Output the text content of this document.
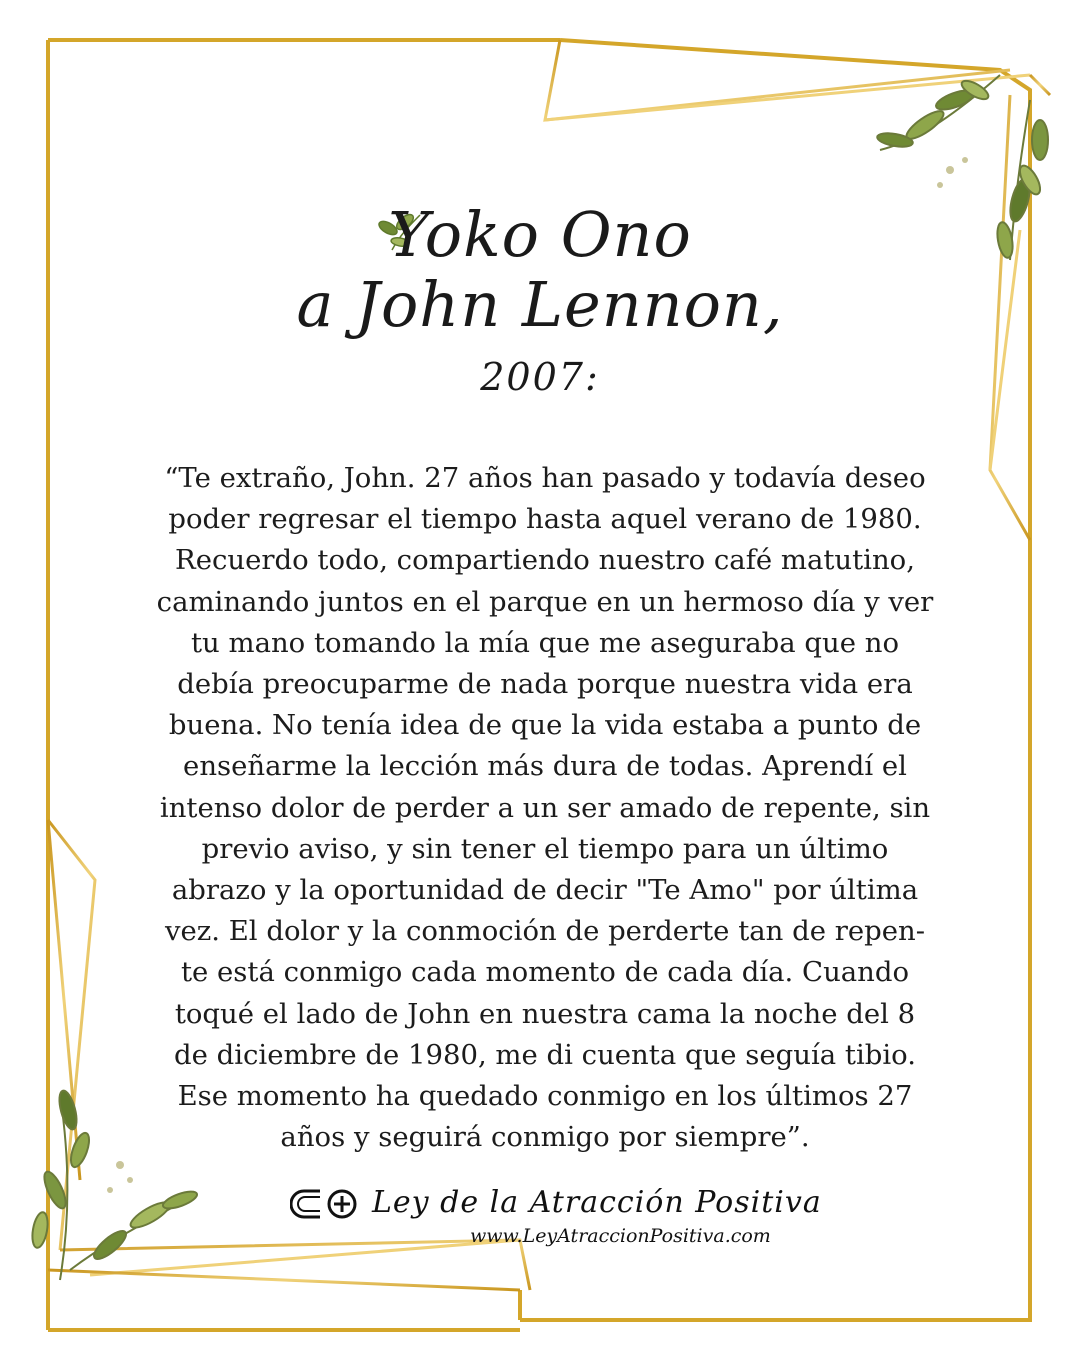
Yoko Ono
a John Lennon,
2007:

“Te extraño, John. 27 años han pasado y todavía deseo
poder regresar el tiempo hasta aquel verano de 1980.
Recuerdo todo, compartiendo nuestro café matutino,
caminando juntos en el parque en un hermoso día y ver
tu mano tomando la mía que me aseguraba que no
debía preocuparme de nada porque nuestra vida era
buena. No tenía idea de que la vida estaba a punto de
enseñarme la lección más dura de todas. Aprendí el
intenso dolor de perder a un ser amado de repente, sin
previo aviso, y sin tener el tiempo para un último
abrazo y la oportunidad de decir "Te Amo" por última
vez. El dolor y la conmoción de perderte tan de repen-
te está conmigo cada momento de cada día. Cuando
toqué el lado de John en nuestra cama la noche del 8
de diciembre de 1980, me di cuenta que seguía tibio.
Ese momento ha quedado conmigo en los últimos 27
años y seguirá conmigo por siempre”.

Ley de la Atracción Positiva
www.LeyAtraccionPositiva.com
